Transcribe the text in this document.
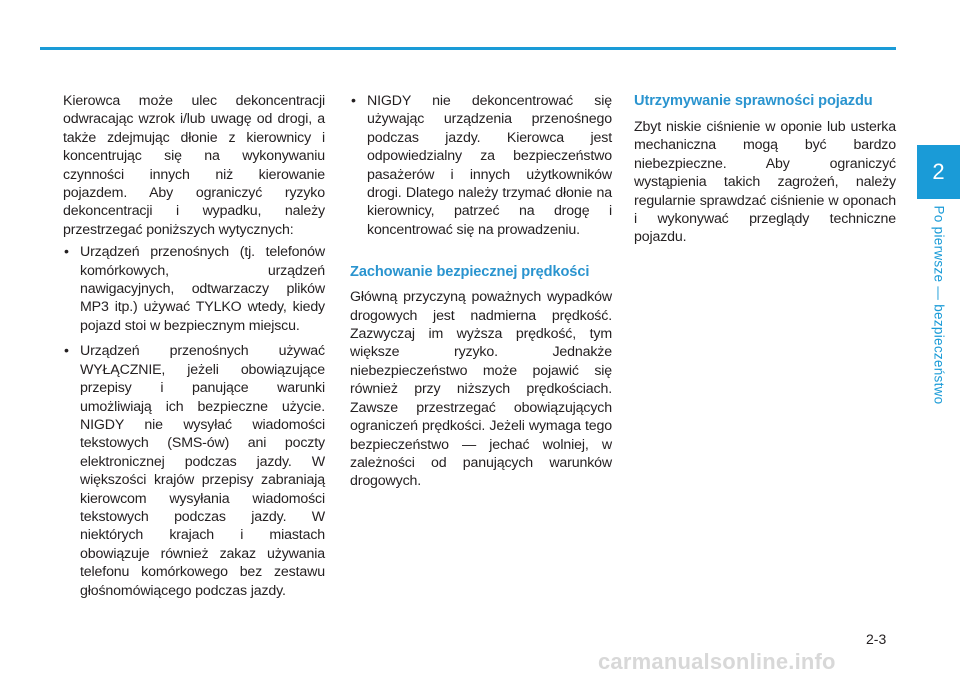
Kierowca może ulec dekoncentracji odwracając wzrok i/lub uwagę od drogi, a także zdejmując dłonie z kierownicy i koncentrując się na wykonywaniu czynności innych niż kierowanie pojazdem. Aby ograniczyć ryzyko dekoncentracji i wypadku, należy przestrzegać poniższych wytycznych:

• Urządzeń przenośnych (tj. telefonów komórkowych, urządzeń nawigacyjnych, odtwarzaczy plików MP3 itp.) używać TYLKO wtedy, kiedy pojazd stoi w bezpiecznym miejscu.
• Urządzeń przenośnych używać WYŁĄCZNIE, jeżeli obowiązujące przepisy i panujące warunki umożliwiają ich bezpieczne użycie. NIGDY nie wysyłać wiadomości tekstowych (SMS-ów) ani poczty elektronicznej podczas jazdy. W większości krajów przepisy zabraniają kierowcom wysyłania wiadomości tekstowych podczas jazdy. W niektórych krajach i miastach obowiązuje również zakaz używania telefonu komórkowego bez zestawu głośnomówiącego podczas jazdy.
• NIGDY nie dekoncentrować się używając urządzenia przenośnego podczas jazdy. Kierowca jest odpowiedzialny za bezpieczeństwo pasażerów i innych użytkowników drogi. Dlatego należy trzymać dłonie na kierownicy, patrzeć na drogę i koncentrować się na prowadzeniu.
Zachowanie bezpiecznej prędkości

Główną przyczyną poważnych wypadków drogowych jest nadmierna prędkość. Zazwyczaj im wyższa prędkość, tym większe ryzyko. Jednakże niebezpieczeństwo może pojawić się również przy niższych prędkościach. Zawsze przestrzegać obowiązujących ograniczeń prędkości. Jeżeli wymaga tego bezpieczeństwo — jechać wolniej, w zależności od panujących warunków drogowych.

Utrzymywanie sprawności pojazdu

Zbyt niskie ciśnienie w oponie lub usterka mechaniczna mogą być bardzo niebezpieczne. Aby ograniczyć wystąpienia takich zagrożeń, należy regularnie sprawdzać ciśnienie w oponach i wykonywać przeglądy techniczne pojazdu.

2
Po pierwsze — bezpieczeństwo
2-3
carmanualsonline.info
